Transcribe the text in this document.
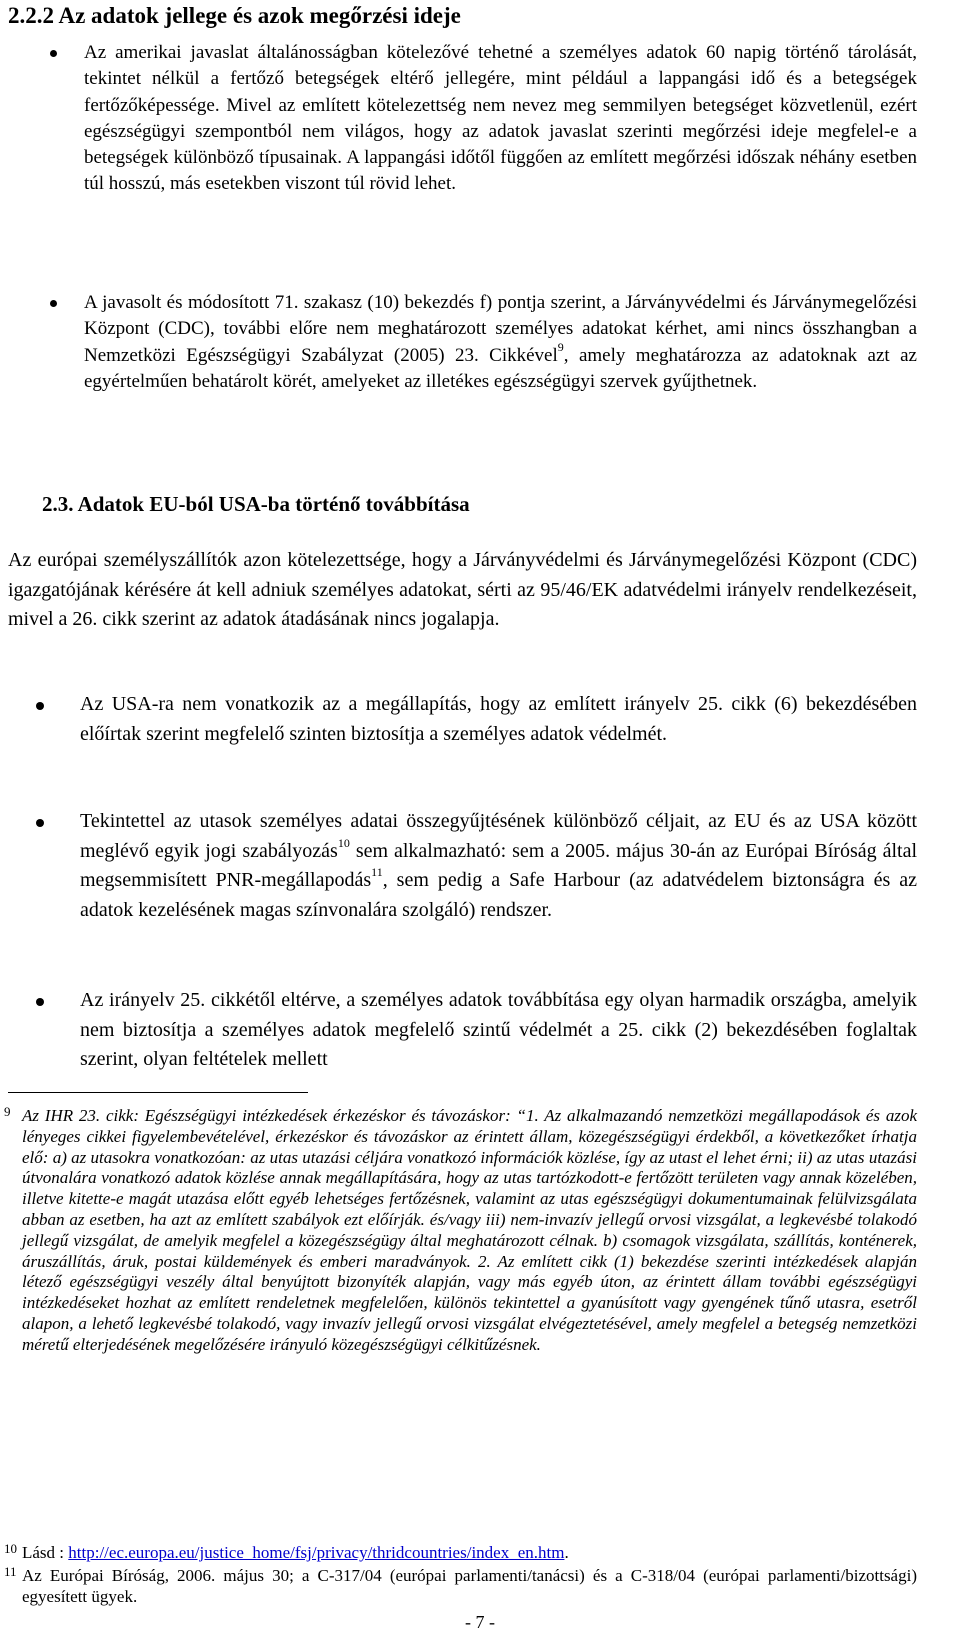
2.2.2 Az adatok jellege és azok megőrzési ideje

Az amerikai javaslat általánosságban kötelezővé tehetné a személyes adatok 60 napig történő tárolását, tekintet nélkül a fertőző betegségek eltérő jellegére, mint például a lappangási idő és a betegségek fertőzőképessége. Mivel az említett kötelezettség nem nevez meg semmilyen betegséget közvetlenül, ezért egészségügyi szempontból nem világos, hogy az adatok javaslat szerinti megőrzési ideje megfelel-e a betegségek különböző típusainak. A lappangási időtől függően az említett megőrzési időszak néhány esetben túl hosszú, más esetekben viszont túl rövid lehet.

A javasolt és módosított 71. szakasz (10) bekezdés f) pontja szerint, a Járványvédelmi és Járványmegelőzési Központ (CDC), további előre nem meghatározott személyes adatokat kérhet, ami nincs összhangban a Nemzetközi Egészségügyi Szabályzat (2005) 23. Cikkével$^9$, amely meghatározza az adatoknak azt az egyértelműen behatárolt körét, amelyeket az illetékes egészségügyi szervek gyűjthetnek.

2.3. Adatok EU-ból USA-ba történő továbbítása

Az európai személyszállítók azon kötelezettsége, hogy a Járványvédelmi és Járványmegelőzési Központ (CDC) igazgatójának kérésére át kell adniuk személyes adatokat, sérti az 95/46/EK adatvédelmi irányelv rendelkezéseit, mivel a 26. cikk szerint az adatok átadásának nincs jogalapja.

Az USA-ra nem vonatkozik az a megállapítás, hogy az említett irányelv 25. cikk (6) bekezdésében előírtak szerint megfelelő szinten biztosítja a személyes adatok védelmét.

Tekintettel az utasok személyes adatai összegyűjtésének különböző céljait, az EU és az USA között meglévő egyik jogi szabályozás$^{10}$ sem alkalmazható: sem a 2005. május 30-án az Európai Bíróság által megsemmisített PNR-megállapodás$^{11}$, sem pedig a Safe Harbour (az adatvédelem biztonságra és az adatok kezelésének magas színvonalára szolgáló) rendszer.

Az irányelv 25. cikkétől eltérve, a személyes adatok továbbítása egy olyan harmadik országba, amelyik nem biztosítja a személyes adatok megfelelő szintű védelmét a 25. cikk (2) bekezdésében foglaltak szerint, olyan feltételek mellett

9 Az IHR 23. cikk: Egészségügyi intézkedések érkezéskor és távozáskor: “1. Az alkalmazandó nemzetközi megállapodások és azok lényeges cikkei figyelembevételével, érkezéskor és távozáskor az érintett állam, közegészségügyi érdekből, a következőket írhatja elő: a) az utasokra vonatkozóan: az utas utazási céljára vonatkozó információk közlése, így az utast el lehet érni; ii) az utas utazási útvonalára vonatkozó adatok közlése annak megállapítására, hogy az utas tartózkodott-e fertőzött területen vagy annak közelében, illetve kitette-e magát utazása előtt egyéb lehetséges fertőzésnek, valamint az utas egészségügyi dokumentumainak felülvizsgálata abban az esetben, ha azt az említett szabályok ezt előírják. és/vagy iii) nem-invazív jellegű orvosi vizsgálat, a legkevésbé tolakodó jellegű vizsgálat, de amelyik megfelel a közegészségügy által meghatározott célnak. b) csomagok vizsgálata, szállítás, konténerek, áruszállítás, áruk, postai küldemények és emberi maradványok. 2. Az említett cikk (1) bekezdése szerinti intézkedések alapján létező egészségügyi veszély által benyújtott bizonyíték alapján, vagy más egyéb úton, az érintett állam további egészségügyi intézkedéseket hozhat az említett rendeletnek megfelelően, különös tekintettel a gyanúsított vagy gyengének tűnő utasra, esetről alapon, a lehető legkevésbé tolakodó, vagy invazív jellegű orvosi vizsgálat elvégeztetésével, amely megfelel a betegség nemzetközi méretű elterjedésének megelőzésére irányuló közegészségügyi célkitűzésnek.

10 Lásd : http://ec.europa.eu/justice_home/fsj/privacy/thridcountries/index_en.htm.

11 Az Európai Bíróság, 2006. május 30; a C-317/04 (európai parlamenti/tanácsi) és a C-318/04 (európai parlamenti/bizottsági) egyesített ügyek.

- 7 -
